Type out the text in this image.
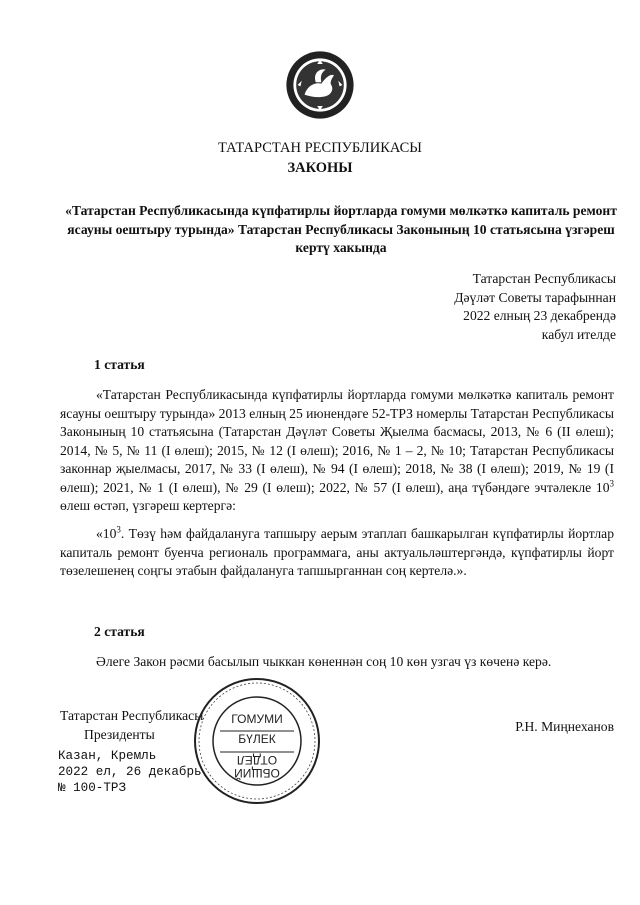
ТАТАРСТАН РЕСПУБЛИКАСЫ
ЗАКОНЫ
«Татарстан Республикасында күпфатирлы йортларда гомуми мөлкәткә капиталь ремонт ясауны оештыру турында» Татарстан Республикасы Законының 10 статьясына үзгәреш кертү хакында
Татарстан Республикасы
Дәүләт Советы тарафыннан
2022 елның 23 декабрендә
кабул ителде
1 статья
«Татарстан Республикасында күпфатирлы йортларда гомуми мөлкәткә капиталь ремонт ясауны оештыру турында» 2013 елның 25 июнендәге 52-ТРЗ номерлы Татарстан Республикасы Законының 10 статьясына (Татарстан Дәүләт Советы Җыелма басмасы, 2013, № 6 (II өлеш); 2014, № 5, № 11 (I өлеш); 2015, № 12 (I өлеш); 2016, № 1 – 2, № 10; Татарстан Республикасы законнар җыелмасы, 2017, № 33 (I өлеш), № 94 (I өлеш); 2018, № 38 (I өлеш); 2019, № 19 (I өлеш); 2021, № 1 (I өлеш), № 29 (I өлеш); 2022, № 57 (I өлеш), аңа түбәндәге эчтәлекле $10^3$ өлеш өстәп, үзгәреш кертергә:
«$10^3$. Төзү һәм файдалануга тапшыру аерым этаплап башкарылган күпфатирлы йортлар капиталь ремонт буенча региональ программага, аны актуальләштергәндә, күпфатирлы йорт төзелешенең соңгы этабын файдалануга тапшырганнан соң кертелә.».
2 статья
Әлеге Закон рәсми басылып чыккан көненнән соң 10 көн узгач үз көченә керә.
Татарстан Республикасы
Президенты	Р.Н. Миңнеханов
Казан, Кремль
2022 ел, 26 декабрь
№ 100-ТРЗ
ГОМУМИ
БҮЛЕК
ОТДЕЛ
ОБЩИЙ
